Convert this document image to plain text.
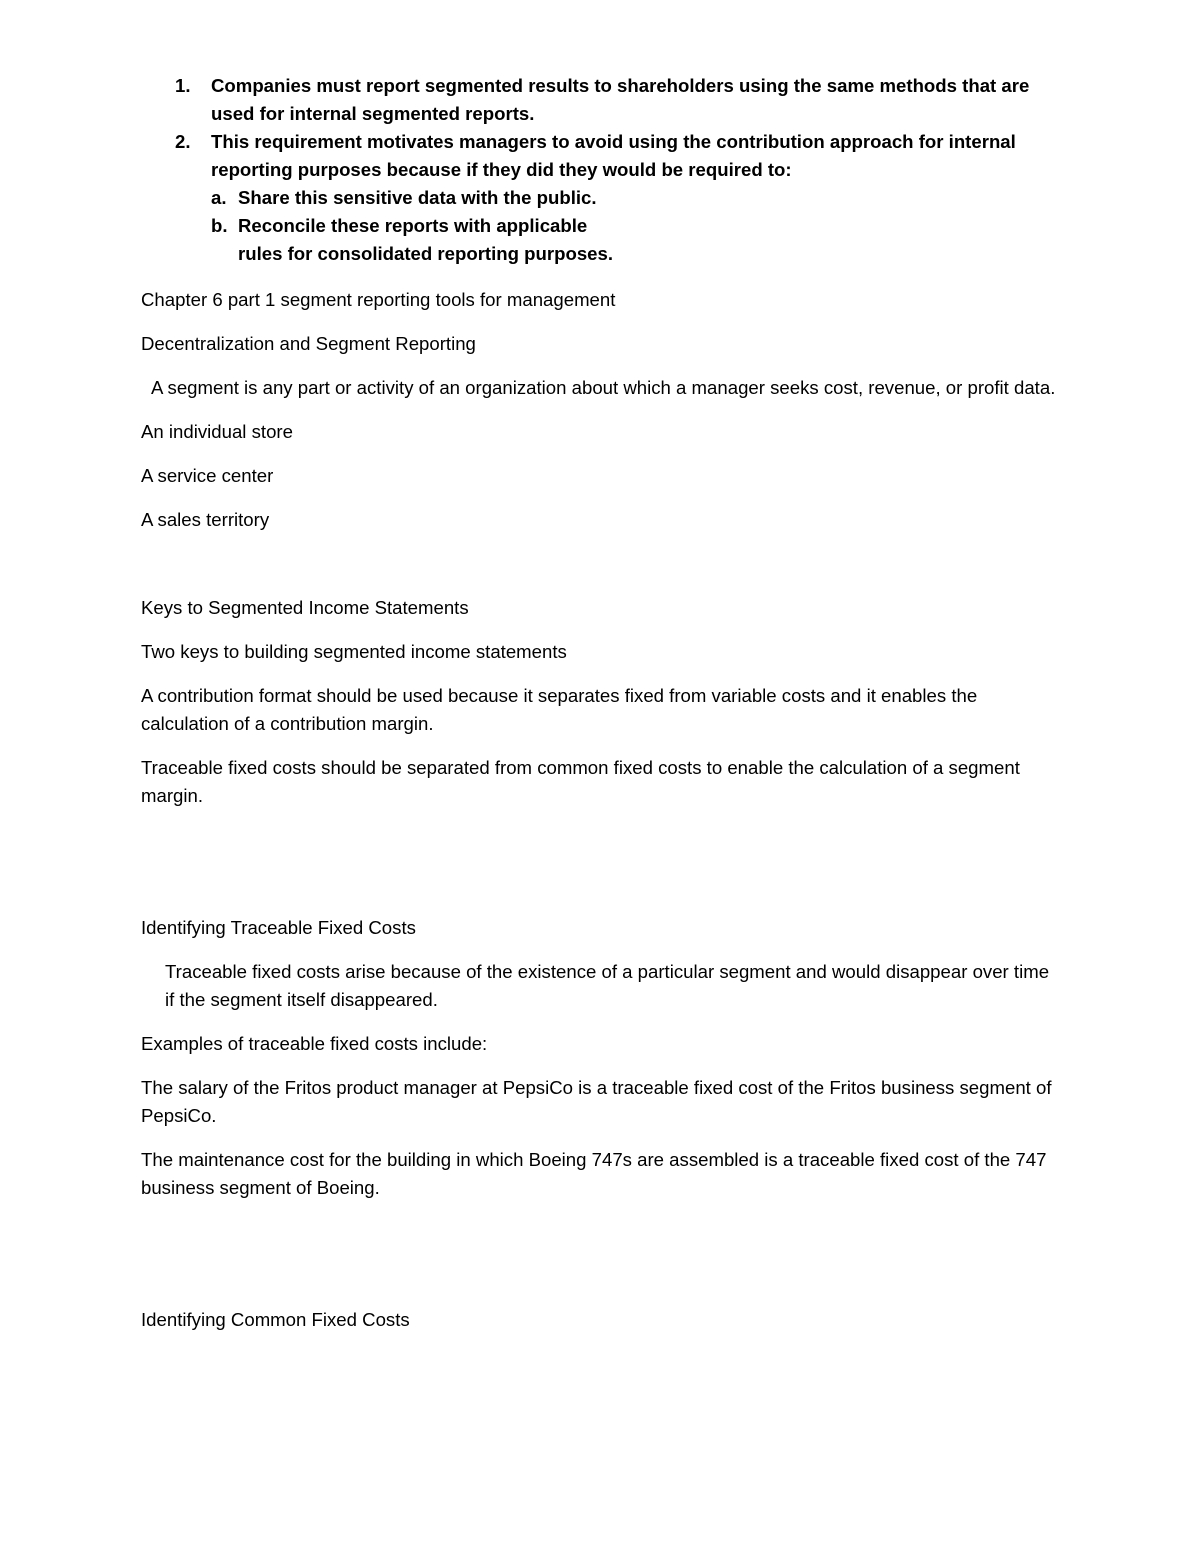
1. Companies must report segmented results to shareholders using the same methods that are used for internal segmented reports.
2. This requirement motivates managers to avoid using the contribution approach for internal reporting purposes because if they did they would be required to:
a. Share this sensitive data with the public.
b. Reconcile these reports with applicable
rules for consolidated reporting purposes.

Chapter 6 part 1 segment reporting tools for management

Decentralization and Segment Reporting

A segment is any part or activity of an organization about which a manager seeks cost, revenue, or profit data.

An individual store

A service center

A sales territory

Keys to Segmented Income Statements

Two keys to building segmented income statements

A contribution format should be used because it separates fixed from variable costs and it enables the calculation of a contribution margin.

Traceable fixed costs should be separated from common fixed costs to enable the calculation of a segment margin.

Identifying Traceable Fixed Costs

Traceable fixed costs arise because of the existence of a particular segment and would disappear over time if the segment itself disappeared.

Examples of traceable fixed costs include:

The salary of the Fritos product manager at PepsiCo is a traceable fixed cost of the Fritos business segment of PepsiCo.

The maintenance cost for the building in which Boeing 747s are assembled is a traceable fixed cost of the 747 business segment of Boeing.

Identifying Common Fixed Costs
